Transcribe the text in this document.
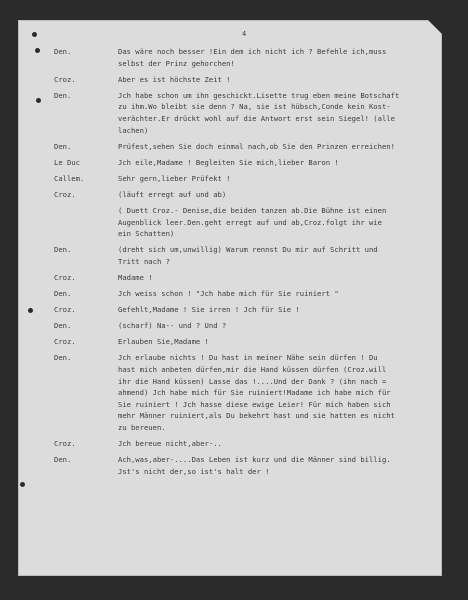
4
Den.	Das wäre noch besser !Ein dem ich nicht ich ? Befehle ich,muss
selbst der Prinz gehorchen!
Croz.	Aber es ist höchste Zeit !
Den.	Jch habe schon um ihn geschickt.Lisette trug eben meine Botschaft
zu ihm.Wo bleibt sie denn ? Na, sie ist hübsch,Conde kein Kost-
verächter.Er drückt wohl auf die Antwort erst sein Siegel! (alle
lachen)
Den.	Prüfest,sehen Sie doch einmal nach,ob Sie den Prinzen erreichen!
Le Duc	Jch eile,Madame ! Begleiten Sie mich,lieber Baron !
Callem.	Sehr gern,lieber Prüfekt !
Croz.	(läuft erregt auf und ab)
( Duett Croz.- Denise,die beiden tanzen ab.Die Bühne ist einen
Augenblick leer.Den.geht erregt auf und ab,Croz.folgt ihr wie
ein Schatten)
Den.	(dreht sich um,unwillig) Warum rennst Du mir auf Schritt und
Tritt nach ?
Croz.	Madame !
Den.	Jch weiss schon ! "Jch habe mich für Sie ruiniert "
Croz.	Gefehlt,Madame ! Sie irren ! Jch für Sie !
Den.	(scharf) Na-- und ? Und ?
Croz.	Erlauben Sie,Madame !
Den.	Jch erlaube nichts ! Du hast in meiner Nähe sein dürfen ! Du
hast mich anbeten dürfen,mir die Hand küssen dürfen (Croz.will
ihr die Hand küssen) Lasse das !....Und der Dank ? (ihn nach =
ahmend) Jch habe mich für Sie ruiniert!Madame ich habe mich für
Sie ruiniert ! Jch hasse diese ewige Leier! Für mich haben sich
mehr Männer ruiniert,als Du bekehrt hast und sie hatten es nicht
zu bereuen.
Croz.	Jch bereue nicht,aber-..
Den.	Ach,was,aber-....Das Leben ist kurz und die Männer sind billig.
Jst's nicht der,so ist's halt der !
